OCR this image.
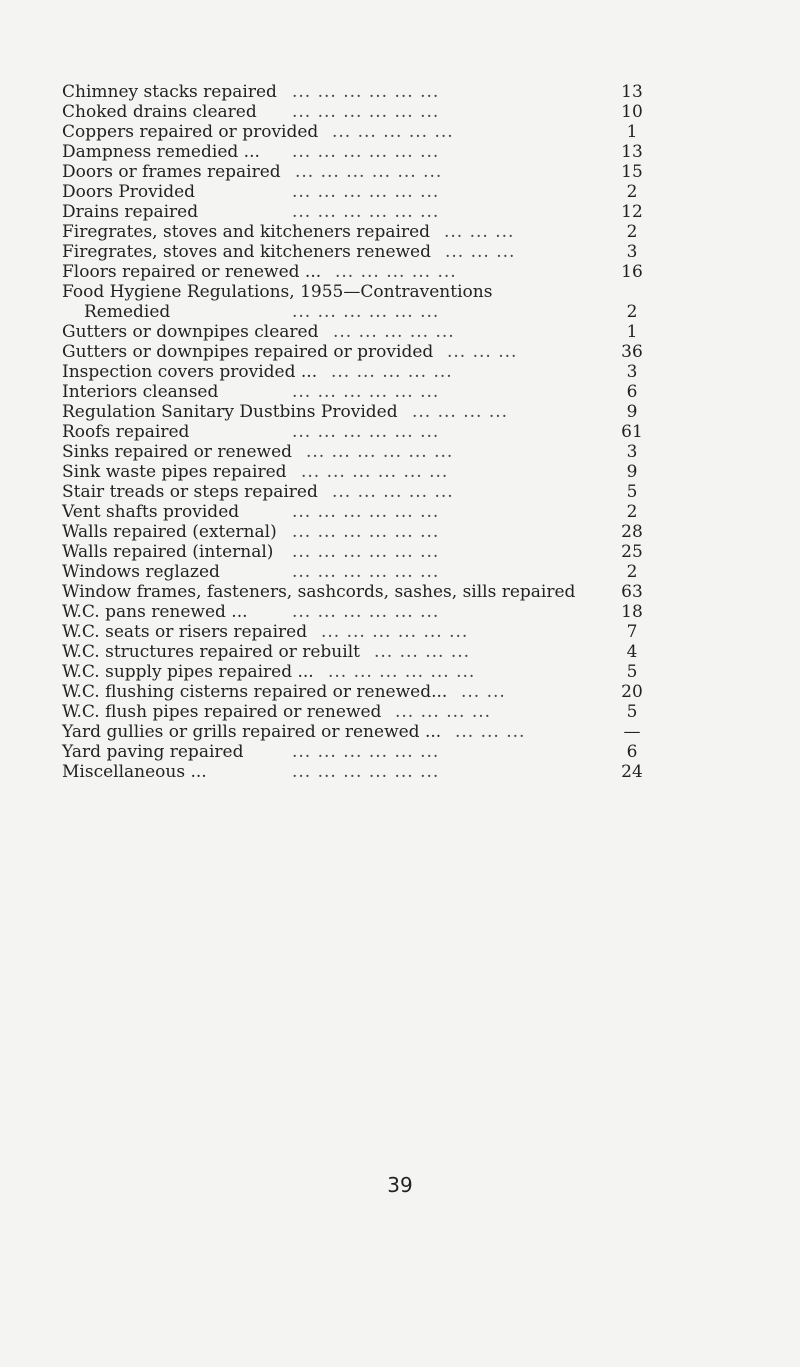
Chimney stacks repaired	13
... ... ... ... ... ...
Choked drains cleared	10
... ... ... ... ... ...
Coppers repaired or provided	1
... ... ... ... ...
Dampness remedied ...	13
... ... ... ... ... ...
Doors or frames repaired	15
... ... ... ... ... ...
Doors Provided	2
... ... ... ... ... ...
Drains repaired	12
... ... ... ... ... ...
Firegrates, stoves and kitcheners repaired	2
... ... ...
Firegrates, stoves and kitcheners renewed	3
... ... ...
Floors repaired or renewed ...	16
... ... ... ... ...
Food Hygiene Regulations, 1955—Contraventions
Remedied	2
... ... ... ... ... ...
Gutters or downpipes cleared	1
... ... ... ... ...
Gutters or downpipes repaired or provided	36
... ... ...
Inspection covers provided ...	3
... ... ... ... ...
Interiors cleansed	6
... ... ... ... ... ...
Regulation Sanitary Dustbins Provided	9
... ... ... ...
Roofs repaired	61
... ... ... ... ... ...
Sinks repaired or renewed	3
... ... ... ... ... ...
Sink waste pipes repaired	9
... ... ... ... ... ...
Stair treads or steps repaired	5
... ... ... ... ...
Vent shafts provided	2
... ... ... ... ... ...
Walls repaired (external)	28
... ... ... ... ... ...
Walls repaired (internal)	25
... ... ... ... ... ...
Windows reglazed	2
... ... ... ... ... ...
Window frames, fasteners, sashcords, sashes, sills repaired	63
W.C. pans renewed ...	18
... ... ... ... ... ...
W.C. seats or risers repaired	7
... ... ... ... ... ...
W.C. structures repaired or rebuilt	4
... ... ... ...
W.C. supply pipes repaired ...	5
... ... ... ... ... ...
W.C. flushing cisterns repaired or renewed...	20
... ...
W.C. flush pipes repaired or renewed	5
... ... ... ...
Yard gullies or grills repaired or renewed ...	—
... ... ...
Yard paving repaired	6
... ... ... ... ... ...
Miscellaneous ...	24
... ... ... ... ... ...
39
